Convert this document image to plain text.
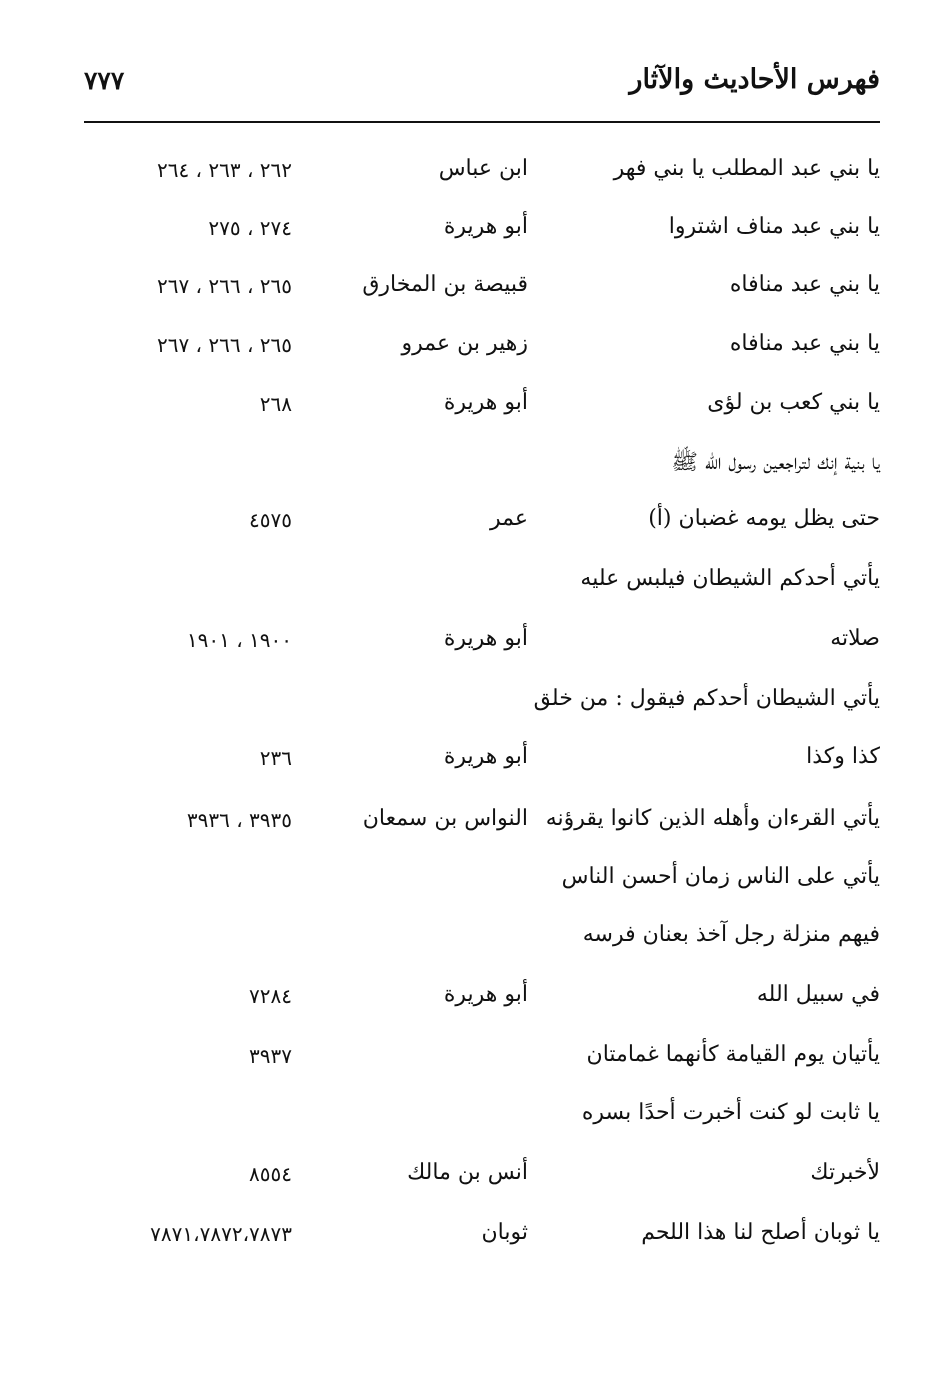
فهرس الأحاديث والآثار
٧٧٧
يا بني عبد المطلب يا بني فهر
ابن عباس
٢٦٢ ، ٢٦٣ ، ٢٦٤
يا بني عبد مناف اشتروا
أبو هريرة
٢٧٤ ، ٢٧٥
يا بني عبد منافاه
قبيصة بن المخارق
٢٦٥ ، ٢٦٦ ، ٢٦٧
يا بني عبد منافاه
زهير بن عمرو
٢٦٥ ، ٢٦٦ ، ٢٦٧
يا بني كعب بن لؤى
أبو هريرة
٢٦٨
يا بنية إنك لتراجعين رسول الله ﷺ
حتى يظل يومه غضبان (أ)
عمر
٤٥٧٥
يأتي أحدكم الشيطان فيلبس عليه
صلاته
أبو هريرة
١٩٠٠ ، ١٩٠١
يأتي الشيطان أحدكم فيقول : من خلق
كذا وكذا
أبو هريرة
٢٣٦
يأتي القرءان وأهله الذين كانوا يقرؤنه
النواس بن سمعان
٣٩٣٥ ، ٣٩٣٦
يأتي على الناس زمان أحسن الناس
فيهم منزلة رجل آخذ بعنان فرسه
في سبيل الله
أبو هريرة
٧٢٨٤
يأتيان يوم القيامة كأنهما غمامتان
٣٩٣٧
يا ثابت لو كنت أخبرت أحدًا بسره
لأخبرتك
أنس بن مالك
٨٥٥٤
يا ثوبان أصلح لنا هذا اللحم
ثوبان
٧٨٧١،٧٨٧٢،٧٨٧٣
